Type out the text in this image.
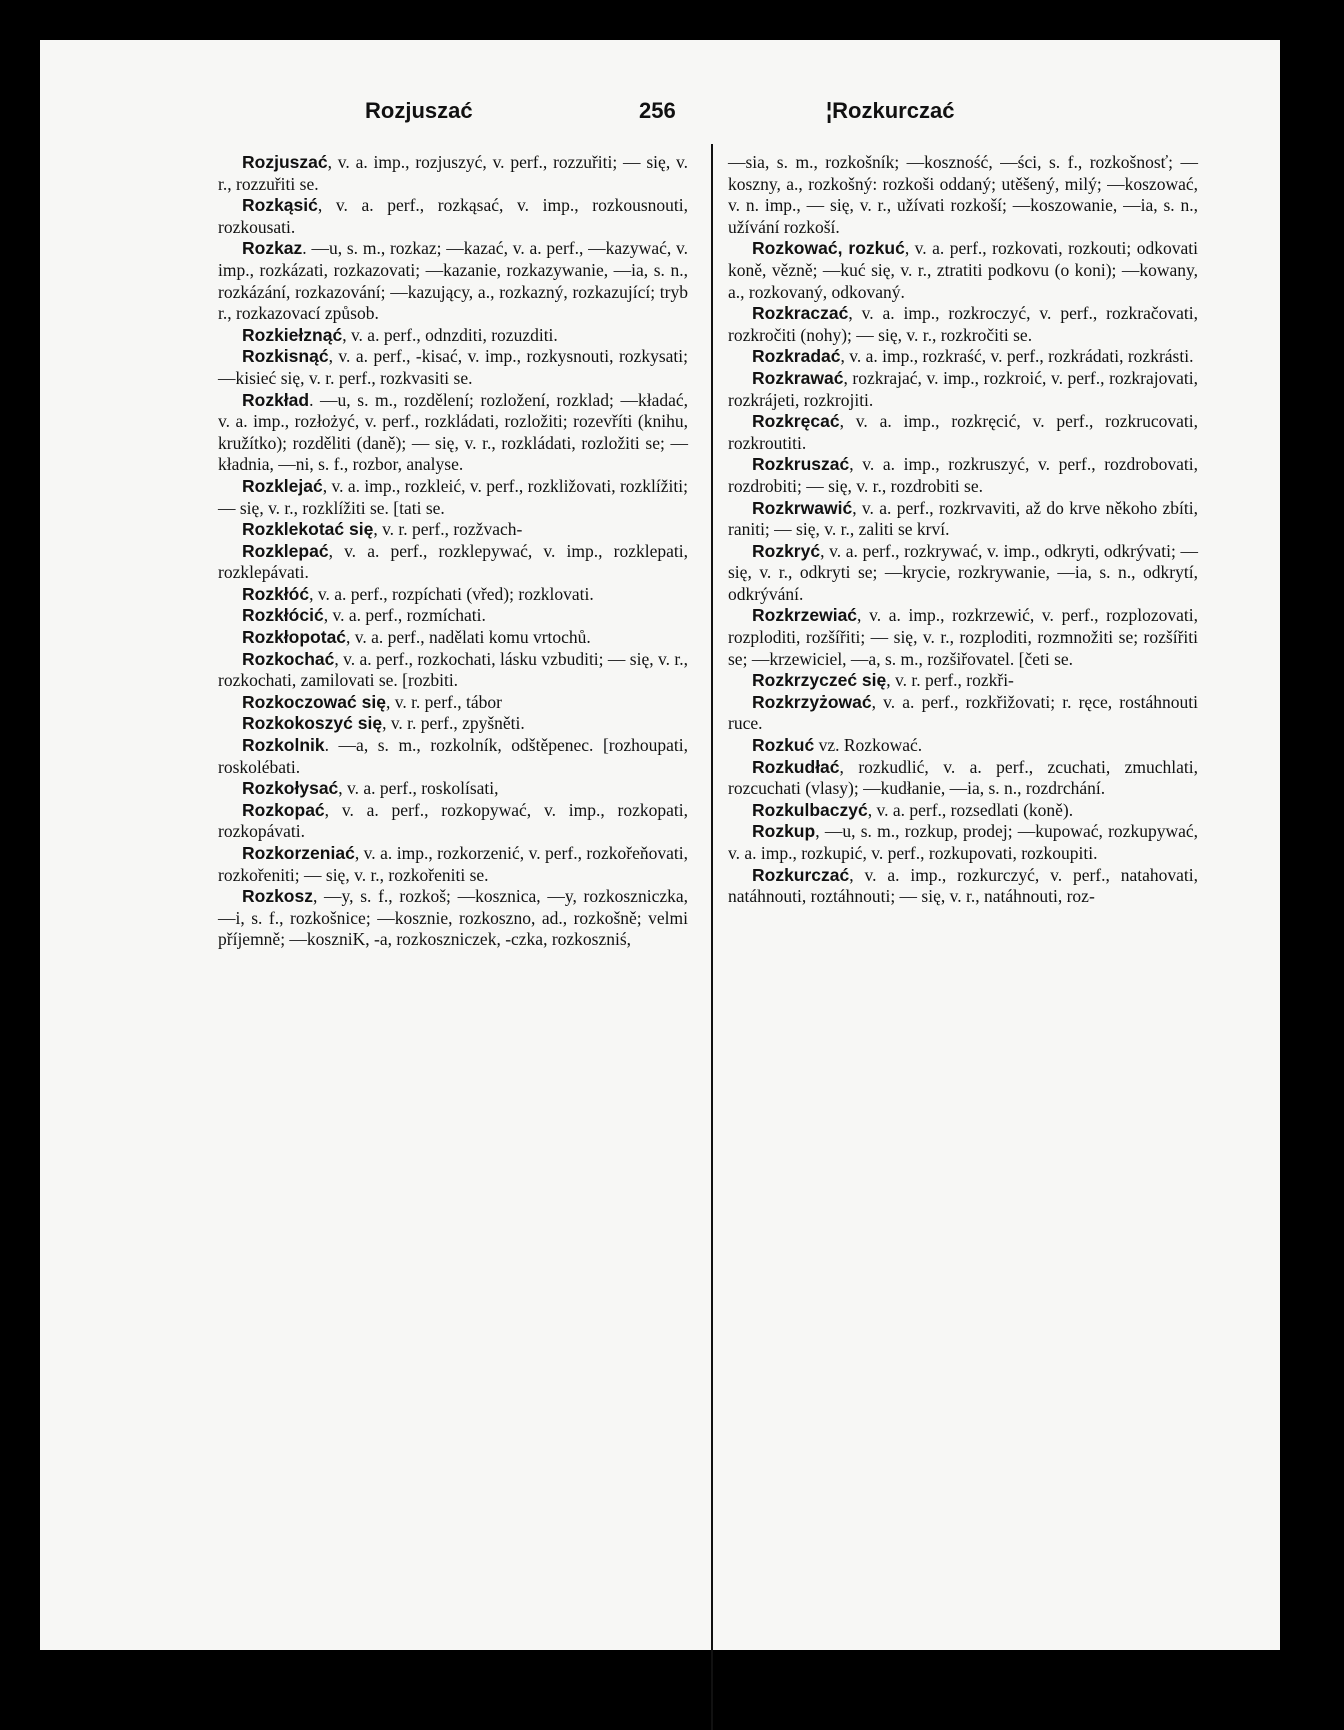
Rozjuszać	256	¦Rozkurczać

Rozjuszać, v. a. imp., rozjuszyć, v. perf., rozzuřiti; — się, v. r., rozzuřiti se.

Rozkąsić, v. a. perf., rozkąsać, v. imp., rozkousnouti, rozkousati.

Rozkaz. —u, s. m., rozkaz; —kazać, v. a. perf., —kazywać, v. imp., rozkázati, rozkazovati; —kazanie, rozkazywanie, —ia, s. n., rozkázání, rozkazování; —kazujący, a., rozkazný, rozkazující; tryb r., rozkazovací způsob.

Rozkiełznąć, v. a. perf., odnzditi, rozuzditi.

Rozkisnąć, v. a. perf., -kisać, v. imp., rozkysnouti, rozkysati; —kisieć się, v. r. perf., rozkvasiti se.

Rozkład. —u, s. m., rozdělení; rozložení, rozklad; —kładać, v. a. imp., rozłożyć, v. perf., rozkládati, rozložiti; rozevříti (knihu, kružítko); rozděliti (daně); — się, v. r., rozkládati, rozložiti se; —kładnia, —ni, s. f., rozbor, analyse.

Rozklejać, v. a. imp., rozkleić, v. perf., rozkližovati, rozklížiti; — się, v. r., rozklížiti se. [tati se.

Rozklekotać się, v. r. perf., rozžvach-

Rozklepać, v. a. perf., rozklepywać, v. imp., rozklepati, rozklepávati.

Rozkłóć, v. a. perf., rozpíchati (vřed); rozklovati.

Rozkłócić, v. a. perf., rozmíchati.

Rozkłopotać, v. a. perf., nadělati komu vrtochů.

Rozkochać, v. a. perf., rozkochati, lásku vzbuditi; — się, v. r., rozkochati, zamilovati se. [rozbiti.

Rozkoczować się, v. r. perf., tábor

Rozkokoszyć się, v. r. perf., zpyšněti.

Rozkolnik. —a, s. m., rozkolník, odštěpenec. [rozhoupati, roskolébati.

Rozkołysać, v. a. perf., roskolísati,

Rozkopać, v. a. perf., rozkopywać, v. imp., rozkopati, rozkopávati.

Rozkorzeniać, v. a. imp., rozkorzenić, v. perf., rozkořeňovati, rozkořeniti; — się, v. r., rozkořeniti se.

Rozkosz, —y, s. f., rozkoš; —kosznica, —y, rozkoszniczka, —i, s. f., rozkošnice; —kosznie, rozkoszno, ad., rozkošně; velmi příjemně; —koszniK, -a, rozkoszniczek, -czka, rozkoszniś,

—sia, s. m., rozkošník; —koszność, —ści, s. f., rozkošnosť; —koszny, a., rozkošný: rozkoši oddaný; utěšený, milý; —koszować, v. n. imp., — się, v. r., užívati rozkoší; —koszowanie, —ia, s. n., užívání rozkoší.

Rozkować, rozkuć, v. a. perf., rozkovati, rozkouti; odkovati koně, vězně; —kuć się, v. r., ztratiti podkovu (o koni); —kowany, a., rozkovaný, odkovaný.

Rozkraczać, v. a. imp., rozkroczyć, v. perf., rozkračovati, rozkročiti (nohy); — się, v. r., rozkročiti se.

Rozkradać, v. a. imp., rozkraść, v. perf., rozkrádati, rozkrásti.

Rozkrawać, rozkrajać, v. imp., rozkroić, v. perf., rozkrajovati, rozkrájeti, rozkrojiti.

Rozkręcać, v. a. imp., rozkręcić, v. perf., rozkrucovati, rozkroutiti.

Rozkruszać, v. a. imp., rozkruszyć, v. perf., rozdrobovati, rozdrobiti; — się, v. r., rozdrobiti se.

Rozkrwawić, v. a. perf., rozkrvaviti, až do krve někoho zbíti, raniti; — się, v. r., zaliti se krví.

Rozkryć, v. a. perf., rozkrywać, v. imp., odkryti, odkrývati; — się, v. r., odkryti se; —krycie, rozkrywanie, —ia, s. n., odkrytí, odkrývání.

Rozkrzewiać, v. a. imp., rozkrzewić, v. perf., rozplozovati, rozploditi, rozšířiti; — się, v. r., rozploditi, rozmnožiti se; rozšířiti se; —krzewiciel, —a, s. m., rozšiřovatel. [četi se.

Rozkrzyczeć się, v. r. perf., rozkři-

Rozkrzyżować, v. a. perf., rozkřižovati; r. ręce, rostáhnouti ruce.

Rozkuć vz. Rozkować.

Rozkudłać, rozkudlić, v. a. perf., zcuchati, zmuchlati, rozcuchati (vlasy); —kudłanie, —ia, s. n., rozdrchání.

Rozkulbaczyć, v. a. perf., rozsedlati (koně).

Rozkup, —u, s. m., rozkup, prodej; —kupować, rozkupywać, v. a. imp., rozkupić, v. perf., rozkupovati, rozkoupiti.

Rozkurczać, v. a. imp., rozkurczyć, v. perf., natahovati, natáhnouti, roztáhnouti; — się, v. r., natáhnouti, roz-
